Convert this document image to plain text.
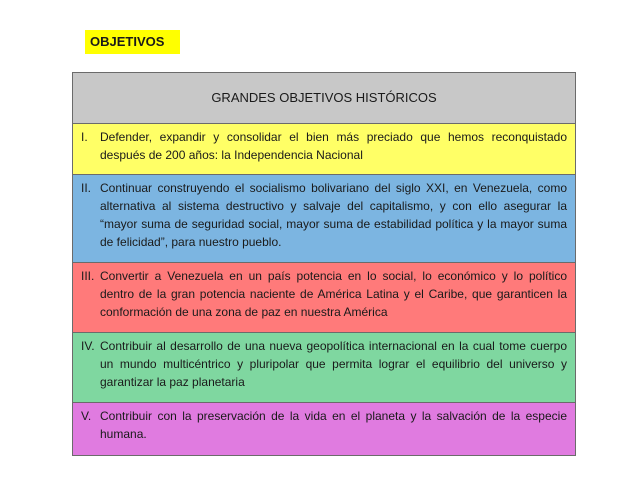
OBJETIVOS
GRANDES OBJETIVOS HISTÓRICOS

I.	Defender, expandir y consolidar el bien más preciado que hemos reconquistado después de 200 años: la Independencia Nacional

II. Continuar construyendo el socialismo bolivariano del siglo XXI, en Venezuela, como alternativa al sistema destructivo y salvaje del capitalismo, y con ello asegurar la “mayor suma de seguridad social, mayor suma de estabilidad política y la mayor suma de felicidad”, para nuestro pueblo.

III. Convertir a Venezuela en un país potencia en lo social, lo económico y lo político dentro de la gran potencia naciente de América Latina y el Caribe, que garanticen la conformación de una zona de paz en nuestra América

IV. Contribuir al desarrollo de una nueva geopolítica internacional en la cual tome cuerpo un mundo multicéntrico y pluripolar que permita lograr el equilibrio del universo y garantizar la paz planetaria

V. Contribuir con la preservación de la vida en el planeta y la salvación de la especie humana.
